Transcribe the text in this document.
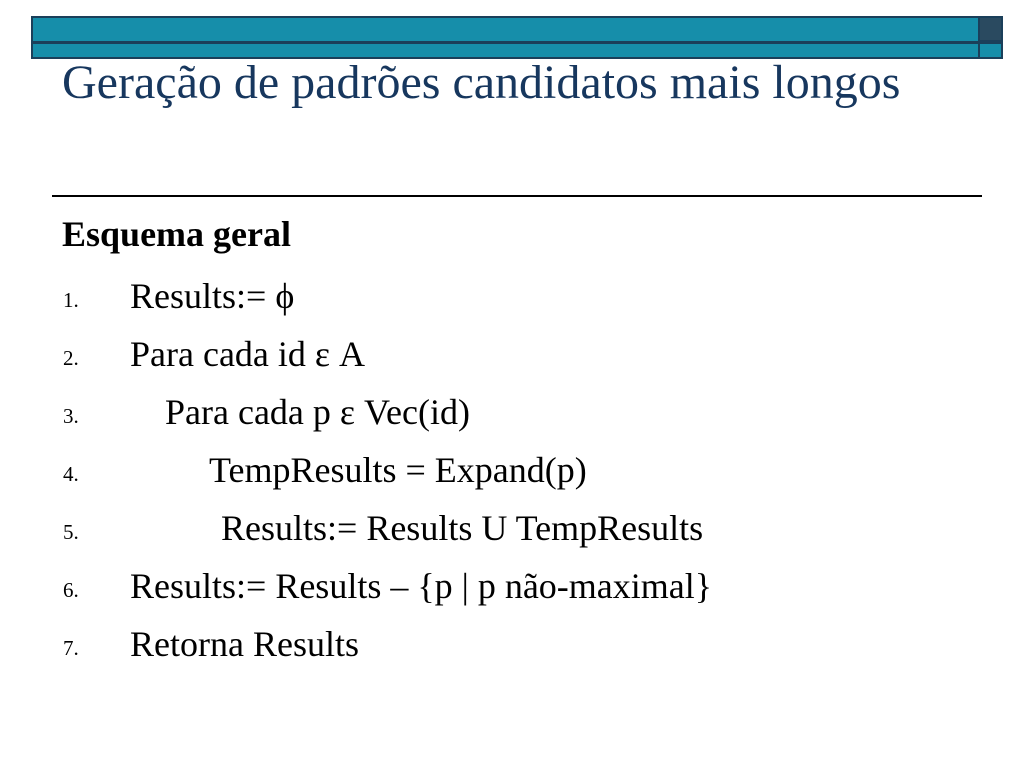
Geração de padrões candidatos mais longos

Esquema geral

1. Results:= ϕ
2. Para cada id ε A
3. Para cada p ε Vec(id)
4.	TempResults = Expand(p)
5.	Results:= Results U TempResults
6. Results:= Results – {p | p não-maximal}
7. Retorna Results
